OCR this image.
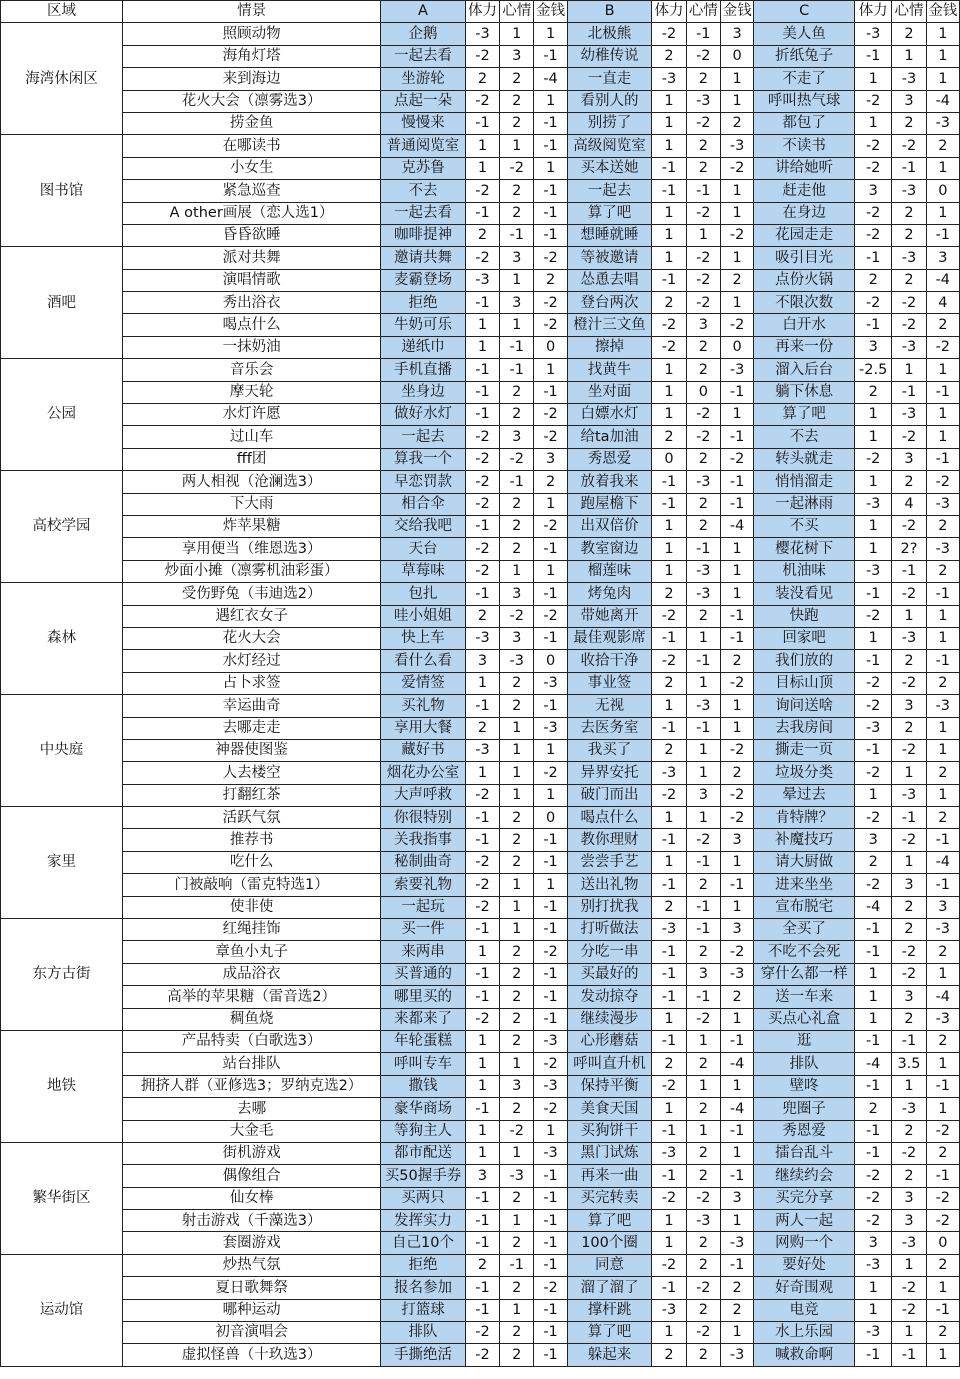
区域	情景	A	体力	心情	金钱	B	体力	心情	金钱	C	体力	心情	金钱
海湾休闲区	照顾动物	企鹅	-3	1	1	北极熊	-2	-1	3	美人鱼	-3	2	1
	海角灯塔	一起去看	-2	3	-1	幼稚传说	2	-2	0	折纸兔子	-1	1	1
	来到海边	坐游轮	2	2	-4	一直走	-3	2	1	不走了	1	-3	1
	花火大会（凛雾选3）	点起一朵	-2	2	1	看别人的	1	-3	1	呼叫热气球	-2	3	-4
	捞金鱼	慢慢来	-1	2	-1	别捞了	1	-2	2	都包了	1	2	-3
图书馆	在哪读书	普通阅览室	1	1	-1	高级阅览室	1	2	-3	不读书	-2	-2	2
	小女生	克苏鲁	1	-2	1	买本送她	-1	2	-2	讲给她听	-2	-1	1
	紧急巡查	不去	-2	2	-1	一起去	-1	-1	1	赶走他	3	-3	0
	A other画展（恋人选1）	一起去看	-1	2	-1	算了吧	1	-2	1	在身边	-2	2	1
	昏昏欲睡	咖啡提神	2	-1	-1	想睡就睡	1	1	-2	花园走走	-2	2	-1
酒吧	派对共舞	邀请共舞	-2	3	-2	等被邀请	1	-2	1	吸引目光	-1	-3	3
	演唱情歌	麦霸登场	-3	1	2	怂恿去唱	-1	-2	2	点份火锅	2	2	-4
	秀出浴衣	拒绝	-1	3	-2	登台两次	2	-2	1	不限次数	-2	-2	4
	喝点什么	牛奶可乐	1	1	-2	橙汁三文鱼	-2	3	-2	白开水	-1	-2	2
	一抹奶油	递纸巾	1	-1	0	擦掉	-2	2	0	再来一份	3	-3	-2
公园	音乐会	手机直播	-1	-1	1	找黄牛	1	2	-3	溜入后台	-2.5	1	1
	摩天轮	坐身边	-1	2	-1	坐对面	1	0	-1	躺下休息	2	-1	-1
	水灯许愿	做好水灯	-1	2	-2	白嫖水灯	1	-2	1	算了吧	1	-3	1
	过山车	一起去	-2	3	-2	给ta加油	2	-2	-1	不去	1	-2	1
	fff团	算我一个	-2	-2	3	秀恩爱	0	2	-2	转头就走	-2	3	-1
高校学园	两人相视（沧澜选3）	早恋罚款	-2	-1	2	放着我来	-1	-3	-1	悄悄溜走	1	2	-2
	下大雨	相合伞	-2	2	1	跑屋檐下	-1	2	-1	一起淋雨	-3	4	-3
	炸苹果糖	交给我吧	-1	2	-2	出双倍价	1	2	-4	不买	1	-2	2
	享用便当（维恩选3）	天台	-2	2	-1	教室窗边	1	-1	1	樱花树下	1	2?	-3
	炒面小摊（凛雾机油彩蛋）	草莓味	-2	1	1	榴莲味	1	-3	1	机油味	-3	-1	2
森林	受伤野兔（韦迪选2）	包扎	-1	3	-1	烤兔肉	2	-3	1	装没看见	-1	-2	-1
	遇红衣女子	哇小姐姐	2	-2	-2	带她离开	-2	2	-1	快跑	-2	1	1
	花火大会	快上车	-3	3	-1	最佳观影席	-1	1	-1	回家吧	1	-3	1
	水灯经过	看什么看	3	-3	0	收拾干净	-2	-1	2	我们放的	-1	2	-1
	占卜求签	爱情签	1	2	-3	事业签	2	1	-2	目标山顶	-2	-2	2
中央庭	幸运曲奇	买礼物	-1	2	-1	无视	1	-3	1	询问送啥	-2	3	-3
	去哪走走	享用大餐	2	1	-3	去医务室	-1	-1	1	去我房间	-3	2	1
	神器使图鉴	藏好书	-3	1	1	我买了	2	1	-2	撕走一页	-1	-2	1
	人去楼空	烟花办公室	1	1	-2	异界安托	-3	1	2	垃圾分类	-2	1	2
	打翻红茶	大声呼救	-2	1	1	破门而出	-2	3	-2	晕过去	1	-3	1
家里	活跃气氛	你很特别	-1	2	0	喝点什么	1	1	-2	肯特牌？	-2	-1	2
	推荐书	关我指事	-1	2	-1	教你理财	-1	-2	3	补魔技巧	3	-2	-1
	吃什么	秘制曲奇	-2	2	-1	尝尝手艺	1	-1	1	请大厨做	2	1	-4
	门被敲响（雷克特选1）	索要礼物	-2	1	1	送出礼物	-1	2	-1	进来坐坐	-2	3	-1
	使非使	一起玩	-2	1	-1	别打扰我	2	-1	1	宣布脱宅	-4	2	3
东方古街	红绳挂饰	买一件	-1	1	-1	打听做法	-3	-1	3	全买了	-1	2	-3
	章鱼小丸子	来两串	1	2	-2	分吃一串	-1	2	-2	不吃不会死	-1	-2	2
	成品浴衣	买普通的	-1	2	-1	买最好的	-1	3	-3	穿什么都一样	1	-2	1
	高举的苹果糖（雷音选2）	哪里买的	-1	2	-1	发动掠夺	-1	-1	2	送一车来	1	3	-4
	稠鱼烧	来都来了	-2	2	-1	继续漫步	1	-2	1	买点心礼盒	1	2	-3
地铁	产品特卖（白歌选3）	年轮蛋糕	1	2	-3	心形蘑菇	-1	1	-1	逛	-1	-1	2
	站台排队	呼叫专车	1	1	-2	呼叫直升机	2	2	-4	排队	-4	3.5	1
	拥挤人群（亚修选3；罗纳克选2）	撒钱	1	3	-3	保持平衡	-2	1	1	壁咚	-1	1	-1
	去哪	豪华商场	-1	2	-2	美食天国	1	2	-4	兜圈子	2	-3	1
	大金毛	等狗主人	1	-2	1	买狗饼干	-1	1	-1	秀恩爱	-1	2	-2
繁华街区	街机游戏	都市配送	1	1	-3	黑门试炼	-3	2	1	擂台乱斗	-1	-2	2
	偶像组合	买50握手券	3	-3	-1	再来一曲	-1	2	-1	继续约会	-2	2	-1
	仙女棒	买两只	-1	2	-1	买完转卖	-2	-2	3	买完分享	-2	3	-2
	射击游戏（千藻选3）	发挥实力	-1	1	-1	算了吧	1	-3	1	两人一起	-2	3	-2
	套圈游戏	自己10个	-1	2	-1	100个圈	1	2	-3	网购一个	3	-3	0
运动馆	炒热气氛	拒绝	2	-1	-1	同意	-2	2	-1	要好处	-3	1	2
	夏日歌舞祭	报名参加	-1	2	-2	溜了溜了	-1	-2	2	好奇围观	1	-2	1
	哪种运动	打篮球	-1	1	-1	撑杆跳	-3	2	2	电竞	1	-2	-1
	初音演唱会	排队	-2	2	-1	算了吧	1	-2	1	水上乐园	-3	1	2
	虚拟怪兽（十玖选3）	手撕绝活	-2	2	-1	躲起来	2	2	-3	喊救命啊	-1	-1	1
